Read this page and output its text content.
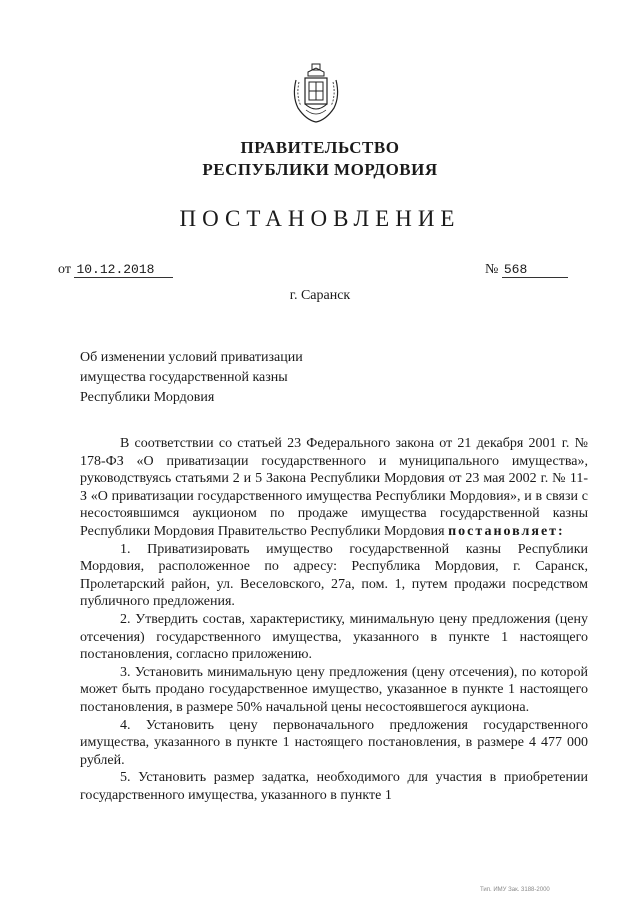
ПРАВИТЕЛЬСТВО
РЕСПУБЛИКИ МОРДОВИЯ
ПОСТАНОВЛЕНИЕ
от 10.12.2018	№ 568
г. Саранск
Об изменении условий приватизации
имущества государственной казны
Республики Мордовия

В соответствии со статьей 23 Федерального закона от 21 декабря 2001 г. № 178-ФЗ «О приватизации государственного и муниципального имущества», руководствуясь статьями 2 и 5 Закона Республики Мордовия от 23 мая 2002 г. № 11-З «О приватизации государственного имущества Республики Мордовия», и в связи с несостоявшимся аукционом по продаже имущества государственной казны Республики Мордовия Правительство Республики Мордовия постановляет:

1. Приватизировать имущество государственной казны Республики Мордовия, расположенное по адресу: Республика Мордовия, г. Саранск, Пролетарский район, ул. Веселовского, 27а, пом. 1, путем продажи посредством публичного предложения.

2. Утвердить состав, характеристику, минимальную цену предложения (цену отсечения) государственного имущества, указанного в пункте 1 настоящего постановления, согласно приложению.

3. Установить минимальную цену предложения (цену отсечения), по которой может быть продано государственное имущество, указанное в пункте 1 настоящего постановления, в размере 50% начальной цены несостоявшегося аукциона.

4. Установить цену первоначального предложения государственного имущества, указанного в пункте 1 настоящего постановления, в размере 4 477 000 рублей.

5. Установить размер задатка, необходимого для участия в приобретении государственного имущества, указанного в пункте 1

Тип. ИМУ Зак. 3188-2000
